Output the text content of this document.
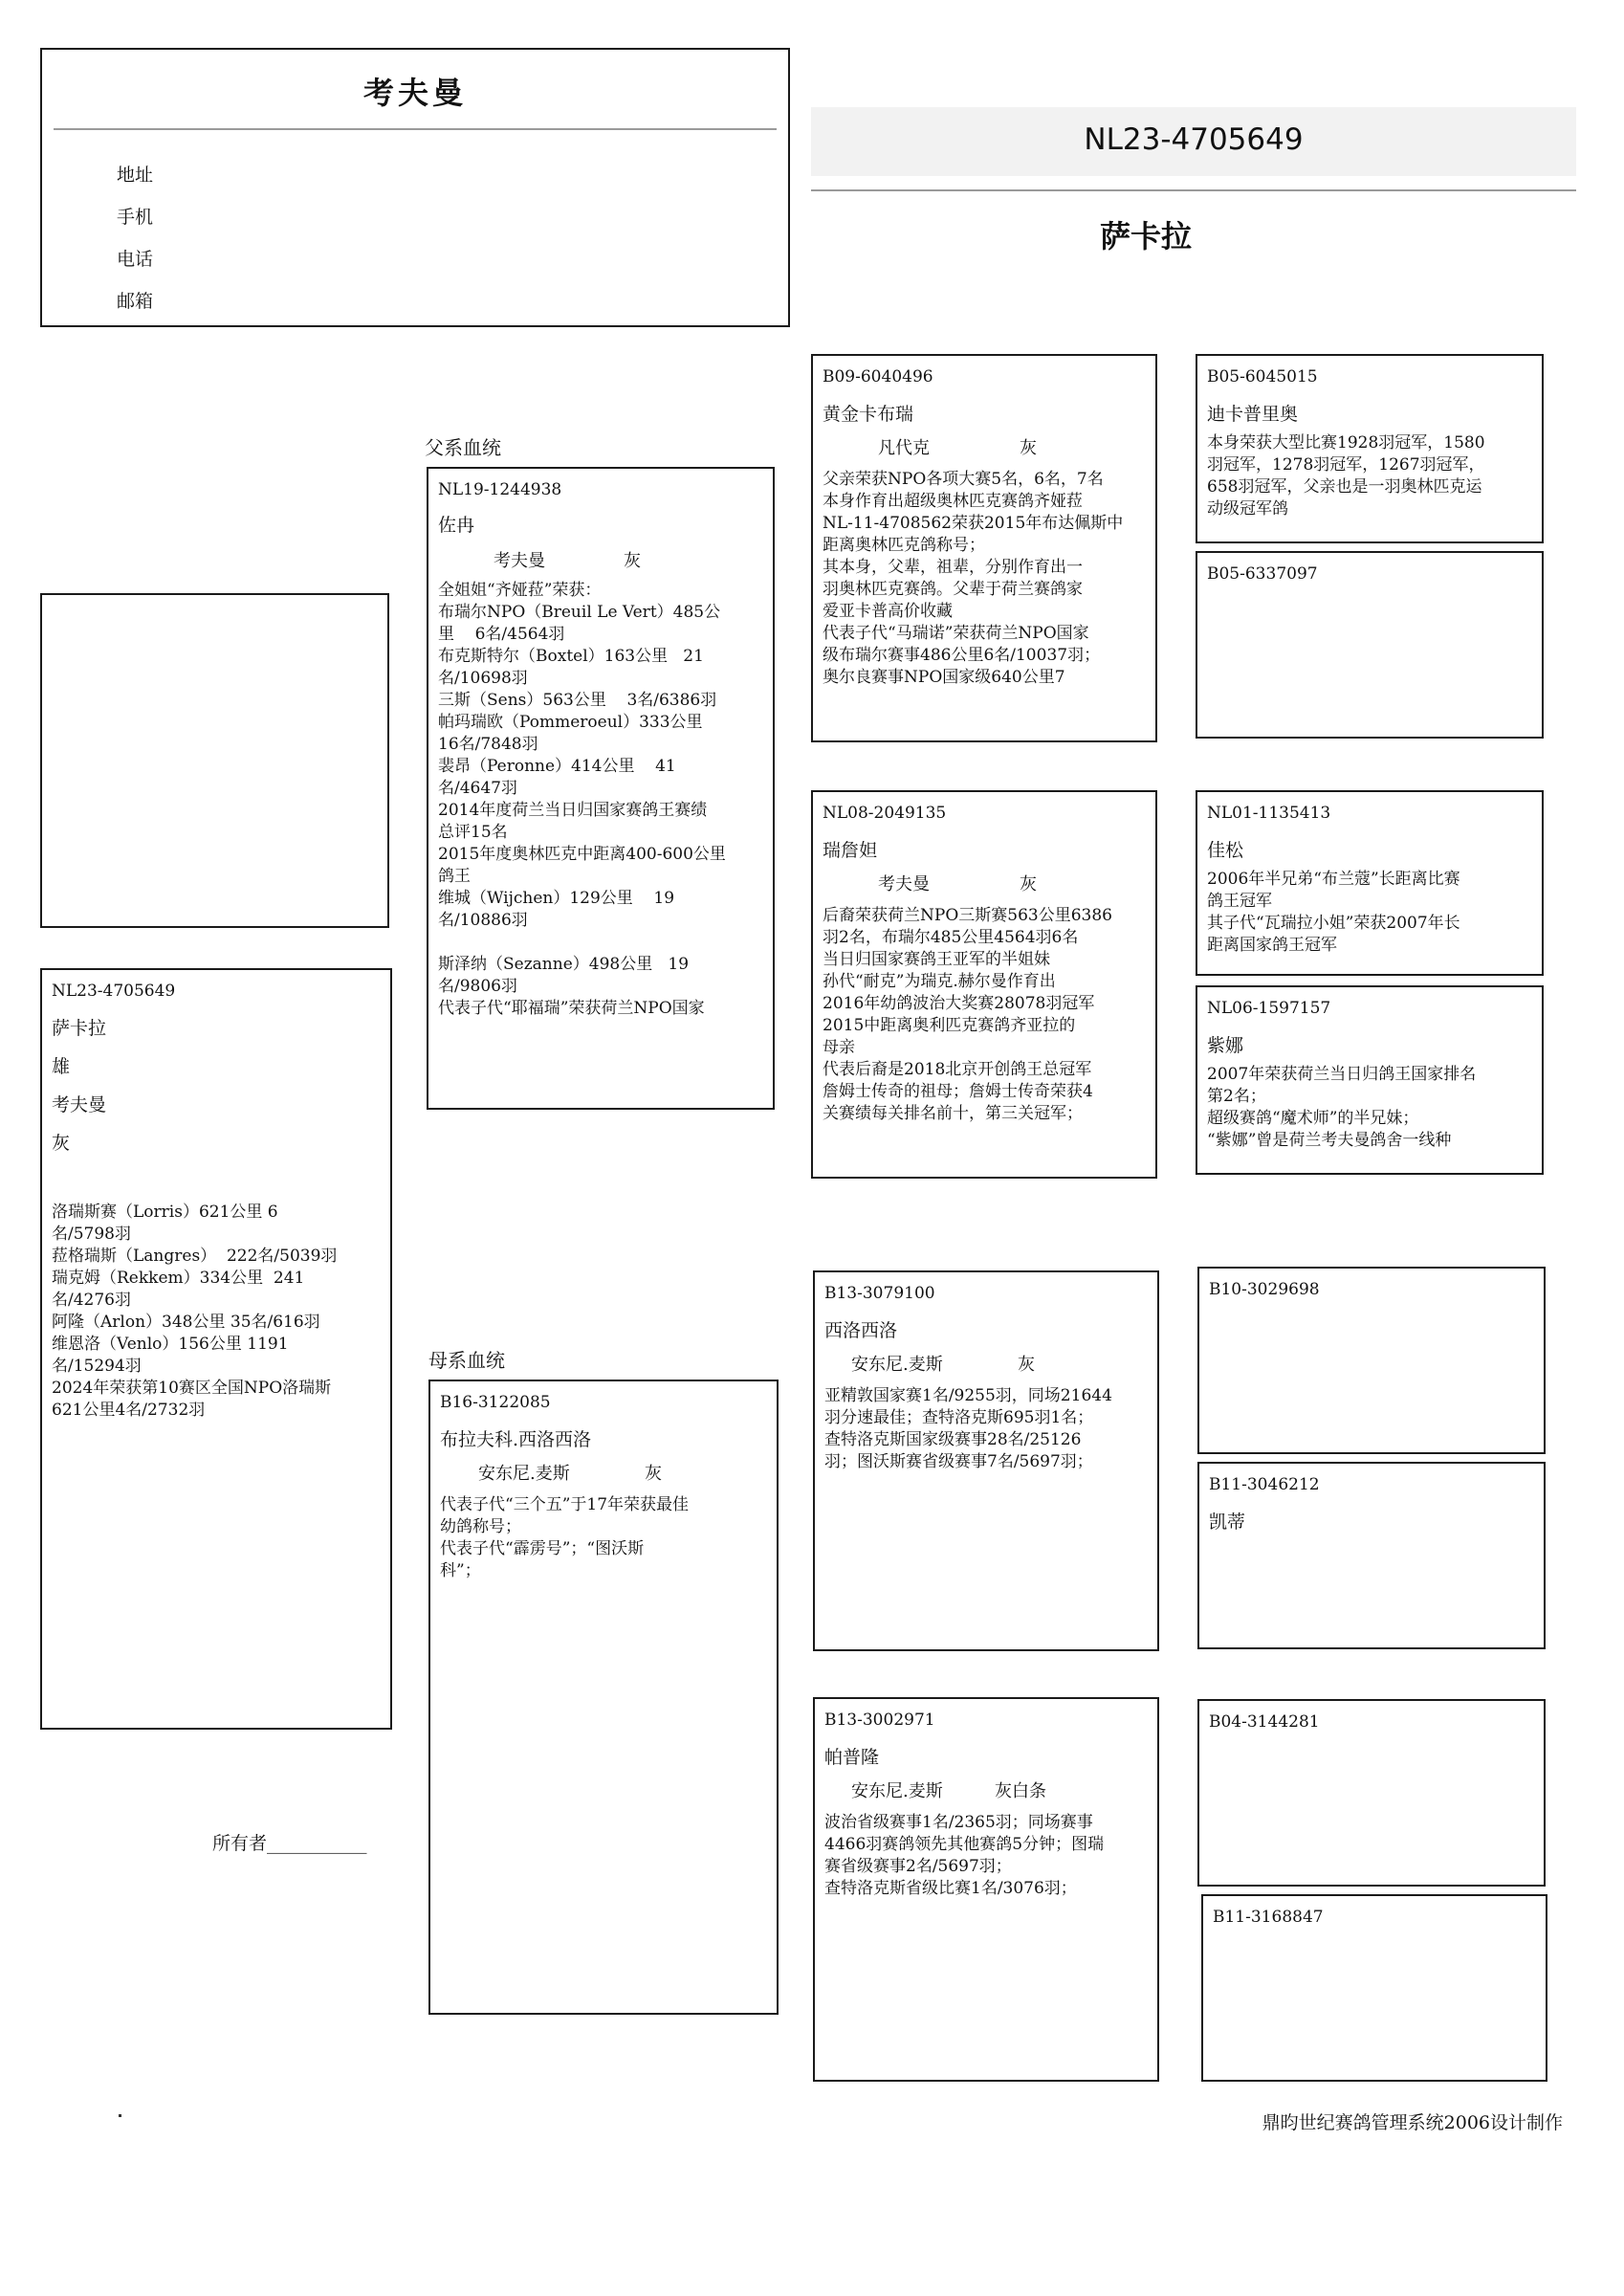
考夫曼
地址
手机
电话
邮箱
NL23-4705649
萨卡拉
NL23-4705649
萨卡拉
雄
考夫曼
灰
洛瑞斯赛（Lorris）621公里 6
名/5798羽
菈格瑞斯（Langres）  222名/5039羽
瑞克姆（Rekkem）334公里  241
名/4276羽
阿隆（Arlon）348公里 35名/616羽
维恩洛（Venlo）156公里 1191
名/15294羽
2024年荣获第10赛区全国NPO洛瑞斯
621公里4名/2732羽
所有者___________
父系血统
母系血统
NL19-1244938
佐冉
考夫曼	灰
全姐姐“齐娅菈”荣获：
布瑞尔NPO（Breuil Le Vert）485公
里    6名/4564羽
布克斯特尔（Boxtel）163公里   21
名/10698羽
三斯（Sens）563公里    3名/6386羽
帕玛瑞欧（Pommeroeul）333公里
16名/7848羽
裴昂（Peronne）414公里    41
名/4647羽
2014年度荷兰当日归国家赛鸽王赛绩
总评15名
2015年度奥林匹克中距离400-600公里
鸽王
维城（Wijchen）129公里    19
名/10886羽

斯泽纳（Sezanne）498公里   19
名/9806羽
代表子代“耶福瑞”荣获荷兰NPO国家
B16-3122085
布拉夫科.西洛西洛
安东尼.麦斯	灰
代表子代“三个五”于17年荣获最佳
幼鸽称号；
代表子代“霹雳号”；“图沃斯
科”；
B09-6040496
黄金卡布瑞
凡代克	灰
父亲荣获NPO各项大赛5名，6名，7名
本身作育出超级奥林匹克赛鸽齐娅菈
NL-11-4708562荣获2015年布达佩斯中
距离奥林匹克鸽称号；
其本身，父辈，祖辈，分别作育出一
羽奥林匹克赛鸽。父辈于荷兰赛鸽家
爱亚卡普高价收藏
代表子代“马瑞诺”荣获荷兰NPO国家
级布瑞尔赛事486公里6名/10037羽；
奥尔良赛事NPO国家级640公里7
NL08-2049135
瑞詹妲
考夫曼	灰
后裔荣获荷兰NPO三斯赛563公里6386
羽2名，布瑞尔485公里4564羽6名
当日归国家赛鸽王亚军的半姐妹
孙代“耐克”为瑞克.赫尔曼作育出
2016年幼鸽波治大奖赛28078羽冠军
2015中距离奥利匹克赛鸽齐亚拉的
母亲
代表后裔是2018北京开创鸽王总冠军
詹姆士传奇的祖母；詹姆士传奇荣获4
关赛绩每关排名前十，第三关冠军；
B13-3079100
西洛西洛
安东尼.麦斯	灰
亚精敦国家赛1名/9255羽，同场21644
羽分速最佳；查特洛克斯695羽1名；
查特洛克斯国家级赛事28名/25126
羽；图沃斯赛省级赛事7名/5697羽；
B13-3002971
帕普隆
安东尼.麦斯	灰白条
波治省级赛事1名/2365羽；同场赛事
4466羽赛鸽领先其他赛鸽5分钟；图瑞
赛省级赛事2名/5697羽；
查特洛克斯省级比赛1名/3076羽；
B05-6045015
迪卡普里奥
本身荣获大型比赛1928羽冠军，1580
羽冠军，1278羽冠军，1267羽冠军，
658羽冠军，父亲也是一羽奥林匹克运
动级冠军鸽
B05-6337097
NL01-1135413
佳松
2006年半兄弟“布兰蔻”长距离比赛
鸽王冠军
其子代“瓦瑞拉小姐”荣获2007年长
距离国家鸽王冠军
NL06-1597157
紫娜
2007年荣获荷兰当日归鸽王国家排名
第2名；
超级赛鸽“魔术师”的半兄妹；
“紫娜”曾是荷兰考夫曼鸽舍一线种
B10-3029698
B11-3046212
凯蒂
B04-3144281
B11-3168847
鼎昀世纪赛鸽管理系统2006设计制作
